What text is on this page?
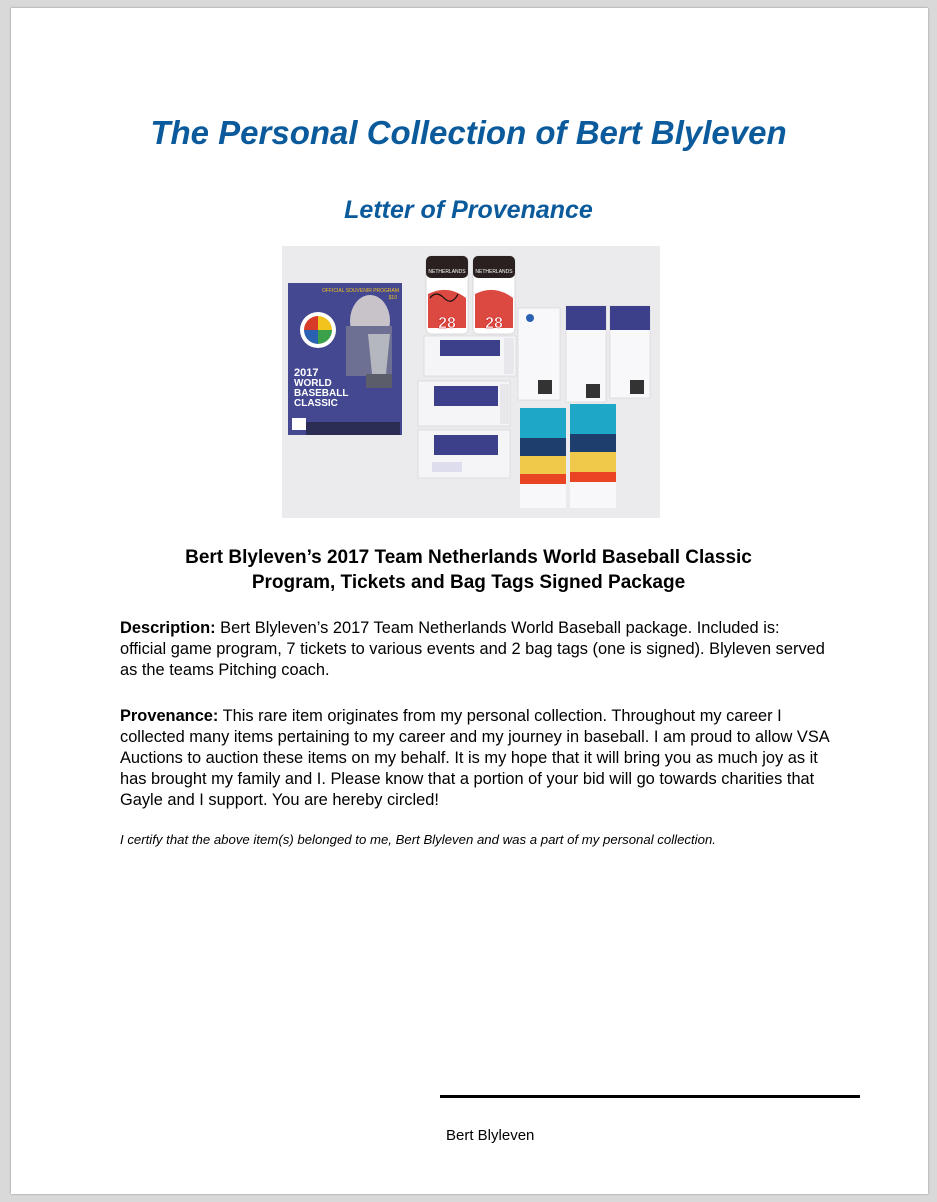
The Personal Collection of Bert Blyleven
Letter of Provenance
OFFICIAL SOUVENIR PROGRAM
$10
2017
WORLD
BASEBALL
CLASSIC
NETHERLANDS
28
NETHERLANDS
28
Bert Blyleven’s 2017 Team Netherlands World Baseball Classic
Program, Tickets and Bag Tags Signed Package

Description: Bert Blyleven’s 2017 Team Netherlands World Baseball package. Included is: official game program, 7 tickets to various events and 2 bag tags (one is signed). Blyleven served as the teams Pitching coach.

Provenance: This rare item originates from my personal collection. Throughout my career I collected many items pertaining to my career and my journey in baseball. I am proud to allow VSA Auctions to auction these items on my behalf. It is my hope that it will bring you as much joy as it has brought my family and I. Please know that a portion of your bid will go towards charities that Gayle and I support. You are hereby circled!

I certify that the above item(s) belonged to me, Bert Blyleven and was a part of my personal collection.

Bert Blyleven
